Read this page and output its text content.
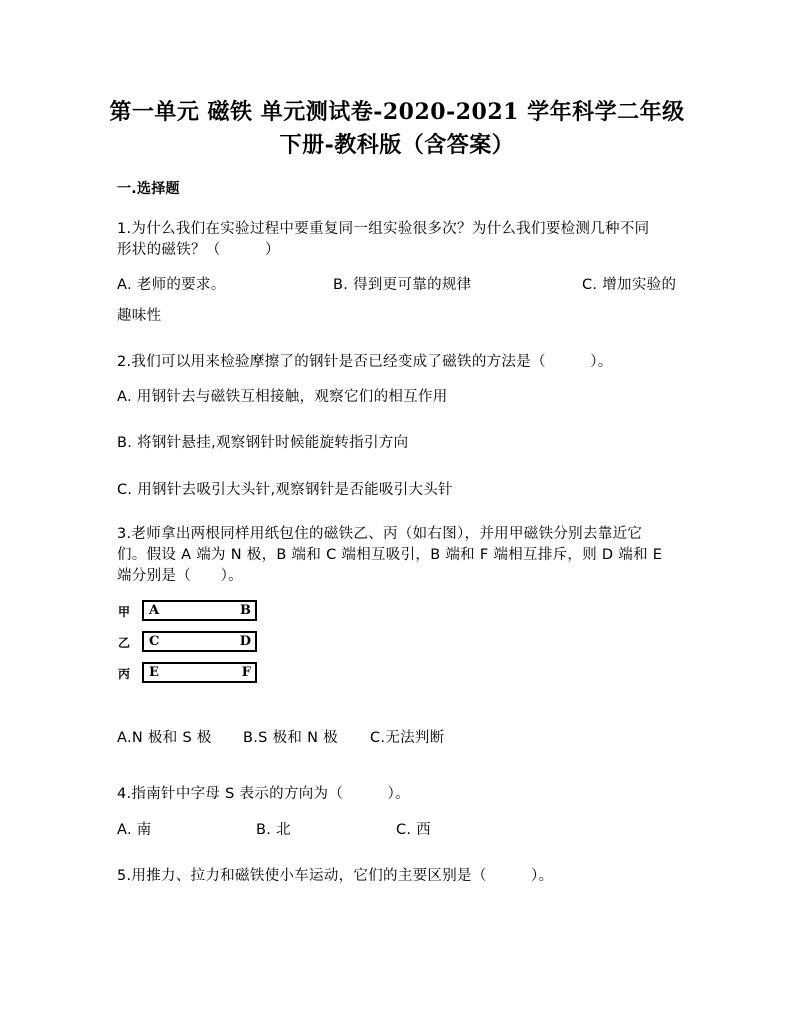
第一单元 磁铁 单元测试卷-2020-2021 学年科学二年级
下册-教科版（含答案）
一.选择题
1.为什么我们在实验过程中要重复同一组实验很多次？为什么我们要检测几种不同
形状的磁铁？（　　　）
A. 老师的要求。	B. 得到更可靠的规律	C. 增加实验的
趣味性
2.我们可以用来检验摩擦了的钢针是否已经变成了磁铁的方法是（　　　）。
A. 用钢针去与磁铁互相接触，观察它们的相互作用
B. 将钢针悬挂,观察钢针时候能旋转指引方向
C. 用钢针去吸引大头针,观察钢针是否能吸引大头针
3.老师拿出两根同样用纸包住的磁铁乙、丙（如右图），并用甲磁铁分别去靠近它
们。假设 A 端为 N 极，B 端和 C 端相互吸引，B 端和 F 端相互排斥，则 D 端和 E
端分别是（　　）。
甲	A	B
乙	C	D
丙	E	F
A.N 极和 S 极 B.S 极和 N 极 C.无法判断
4.指南针中字母 S 表示的方向为（　　　）。
A. 南	B. 北	C. 西
5.用推力、拉力和磁铁使小车运动，它们的主要区别是（　　　）。
